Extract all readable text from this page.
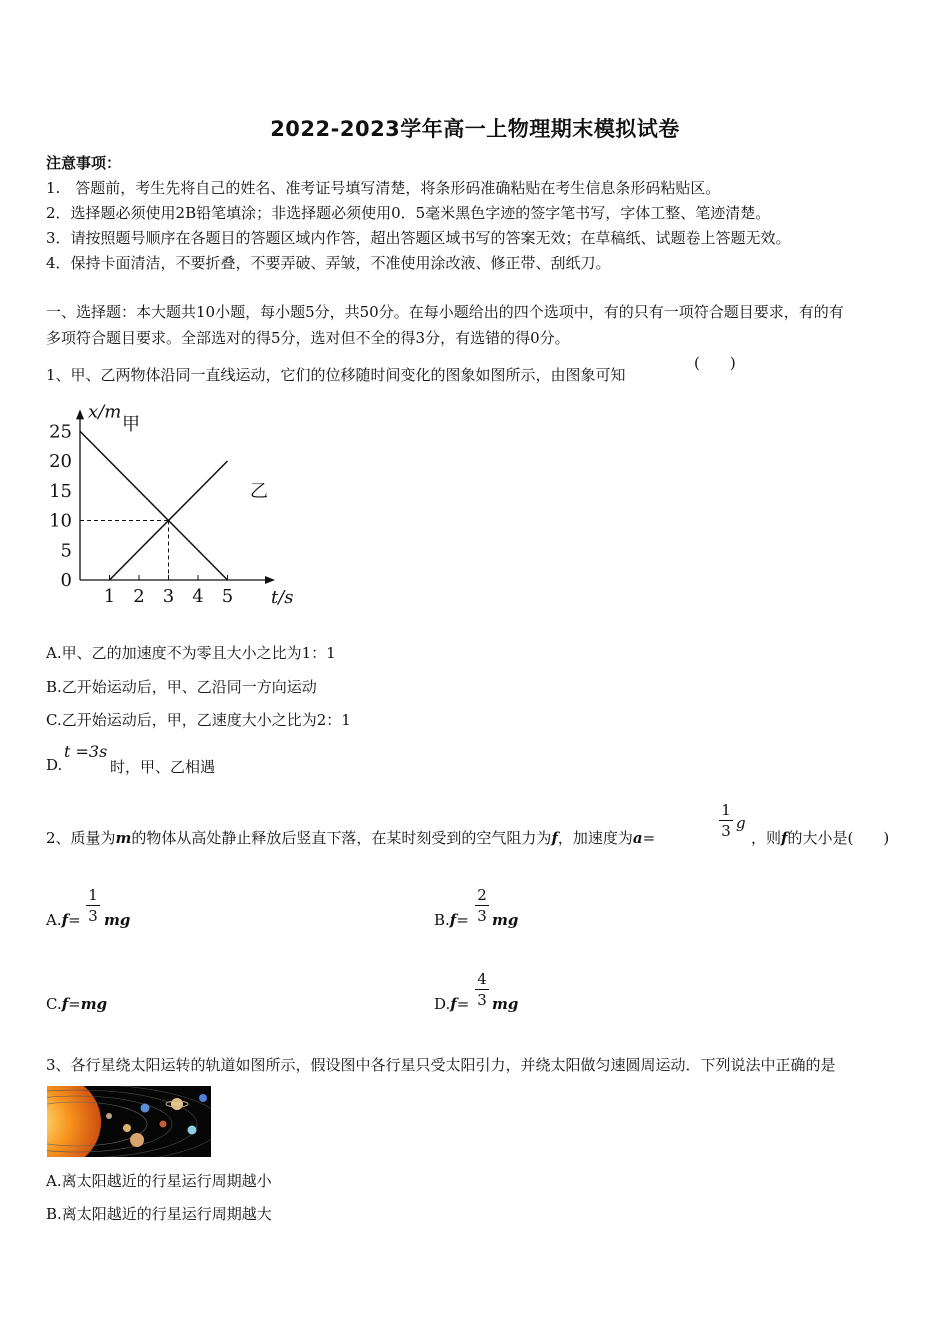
2022-2023学年高一上物理期末模拟试卷
注意事项：
1.　答题前，考生先将自己的姓名、准考证号填写清楚，将条形码准确粘贴在考生信息条形码粘贴区。
2．选择题必须使用2B铅笔填涂；非选择题必须使用0．5毫米黑色字迹的签字笔书写，字体工整、笔迹清楚。
3．请按照题号顺序在各题目的答题区域内作答，超出答题区域书写的答案无效；在草稿纸、试题卷上答题无效。
4．保持卡面清洁，不要折叠，不要弄破、弄皱，不准使用涂改液、修正带、刮纸刀。
一、选择题：本大题共10小题，每小题5分，共50分。在每小题给出的四个选项中，有的只有一项符合题目要求，有的有
多项符合题目要求。全部选对的得5分，选对但不全的得3分，有选错的得0分。
1、甲、乙两物体沿同一直线运动，它们的位移随时间变化的图象如图所示，由图象可知
(　　)
1 2 3 4 5
0
5
10
15
20
25
t/s
x/m
甲
乙
A.甲、乙的加速度不为零且大小之比为1：1
B.乙开始运动后，甲、乙沿同一方向运动
C.乙开始运动后，甲，乙速度大小之比为2：1
D.
t =3s
时，甲、乙相遇
2、质量为m的物体从高处静止释放后竖直下落，在某时刻受到的空气阻力为f，加速度为a=
1
3 g
，则f的大小是(　　)
A.f=
1
3 mg	B.f=
2
3 mg
C.f=mg	D.f=
4
3 mg
3、各行星绕太阳运转的轨道如图所示，假设图中各行星只受太阳引力，并绕太阳做匀速圆周运动．下列说法中正确的是
A.离太阳越近的行星运行周期越小
B.离太阳越近的行星运行周期越大
